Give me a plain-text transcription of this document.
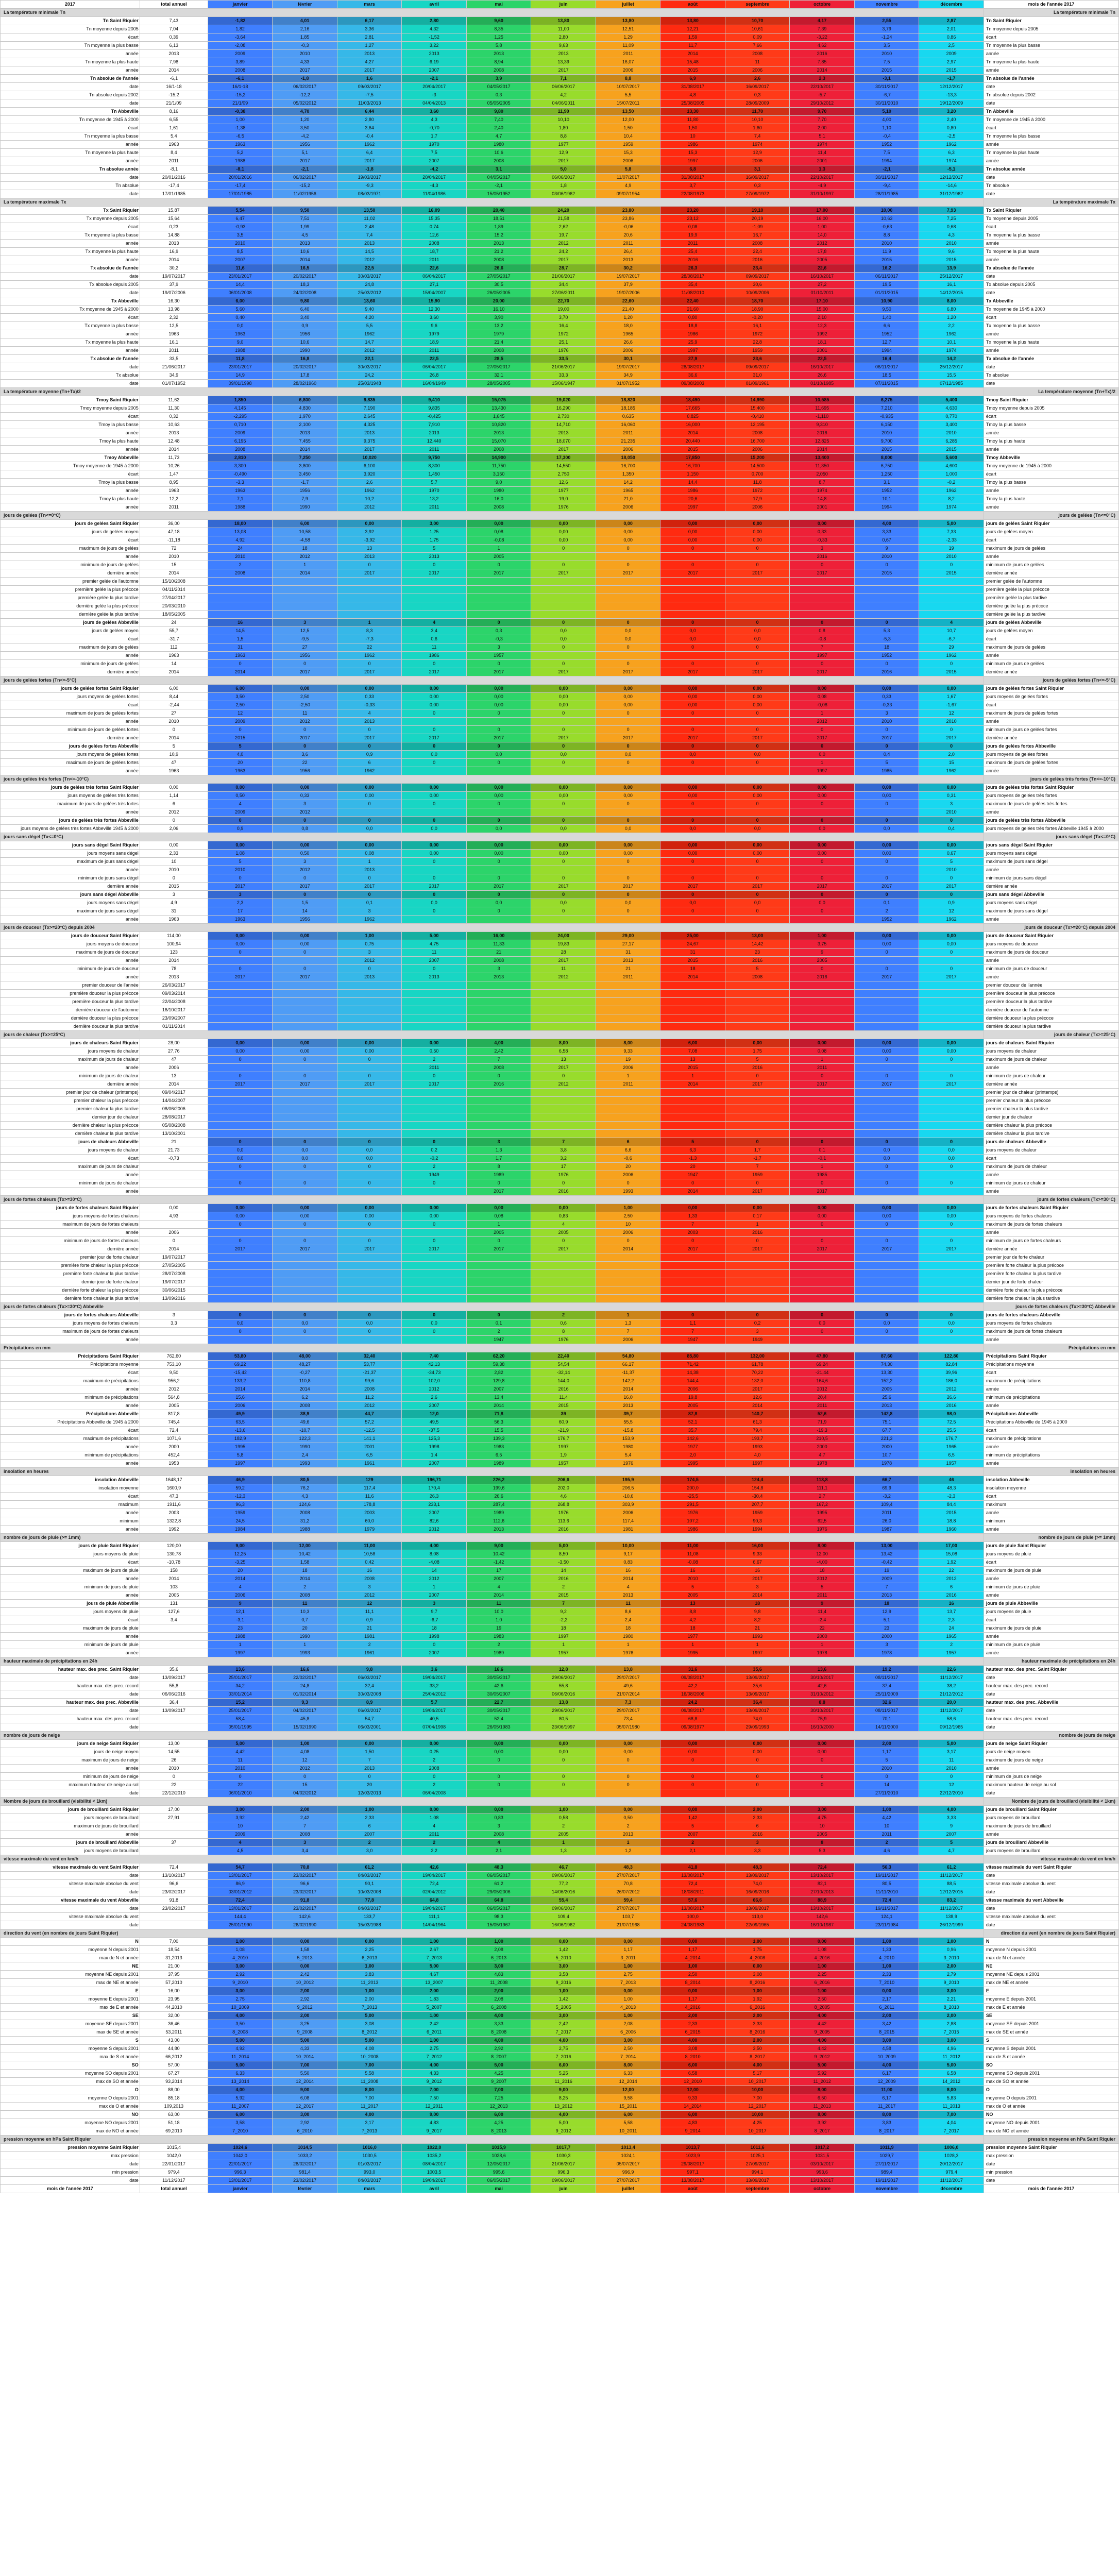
2017	total annuel	janvier	février	mars	avril	mai	juin	juillet	août	septembre	octobre	novembre	décembre	mois de l'année 2017
La température minimale Tn														La température minimale Tn
Tn Saint Riquier	7,43	-1,82	4,01	6,17	2,80	9,60	13,80	13,80	13,80	10,70	4,17	2,55	2,87	Tn Saint Riquier
Tn moyenne depuis 2005	7,04	1,82	2,16	3,36	4,32	8,35	11,00	12,51	12,21	10,61	7,39	3,79	2,01	Tn moyenne depuis 2005
écart	0,39	-3,64	1,85	2,81	-1,52	1,25	2,80	1,29	1,59	0,09	-3,22	-1,24	0,86	écart
Tn moyenne la plus basse	6,13	-2,08	-0,3	1,27	3,22	5,8	9,63	11,09	11,7	7,66	4,62	3,5	2,5	Tn moyenne la plus basse
année	2013	2009	2010	2013	2013	2013	2013	2011	2014	2008	2016	2010	2009	année
Tn moyenne la plus haute	7,98	3,89	4,33	4,27	6,19	8,94	13,39	16,07	15,48	11	7,85	7,5	2,97	Tn moyenne la plus haute
année	2014	2008	2017	2017	2007	2008	2017	2006	2015	2006	2014	2015	2015	année
Tn absolue de l'année	-6,1	-6,1	-1,8	1,6	-2,1	3,9	7,1	8,8	6,9	2,6	2,3	-3,1	-1,7	Tn absolue de l'année
date	16/1-18	16/1-18	06/02/2017	09/03/2017	20/04/2017	04/05/2017	06/06/2017	10/07/2017	31/08/2017	16/09/2017	22/10/2017	30/11/2017	12/12/2017	date
Tn absolue depuis 2002	-15,2	-15,2	-12,2	-7,5	-3	0,3	4,2	5,5	4,8	0,3	-5,7	-6,7	-13,3	Tn absolue depuis 2002
date	21/1/09	21/1/09	05/02/2012	11/03/2013	04/04/2013	05/05/2005	04/06/2011	15/07/2011	25/08/2005	28/09/2009	29/10/2012	30/11/2010	19/12/2009	date
Tn Abbeville	8,16	-0,38	4,70	6,44	3,60	9,80	11,90	13,50	13,30	11,70	9,70	5,10	3,20	Tn Abbeville
Tn moyenne de 1945 à 2000	6,55	1,00	1,20	2,80	4,3	7,40	10,10	12,00	11,80	10,10	7,70	4,00	2,40	Tn moyenne de 1945 à 2000
écart	1,61	-1,38	3,50	3,64	-0,70	2,40	1,80	1,50	1,50	1,60	2,00	1,10	0,80	écart
Tn moyenne la plus basse	5,4	-6,5	-4,2	-0,4	1,7	4,7	8,8	10,4	10	7,4	5,1	-0,4	-2,5	Tn moyenne la plus basse
année	1963	1963	1956	1962	1970	1980	1977	1959	1986	1974	1974	1952	1962	année
Tn moyenne la plus haute	8,4	5,2	5,1	6,4	7,5	10,6	12,9	15,3	15,3	12,9	11,4	7,5	6,3	Tn moyenne la plus haute
année	2011	1988	2017	2017	2007	2008	2017	2006	1997	2006	2001	1994	1974	année
Tn absolue année	-8,1	-8,1	-2,1	-1,8	-4,2	3,1	5,0	5,8	6,8	3,1	1,3	-2,1	-5,1	Tn absolue année
date	20/01/2016	20/01/2016	06/02/2017	19/03/2017	20/04/2017	04/05/2017	06/06/2017	11/07/2017	31/08/2017	16/09/2017	22/10/2017	30/11/2017	12/12/2017	date
Tn absolue	-17,4	-17,4	-15,2	-9,3	-4,3	-2,1	1,8	4,9	3,7	0,3	-4,9	-9,4	-14,6	Tn absolue
date	17/01/1985	17/01/1985	11/02/1956	08/03/1971	11/04/1986	15/05/1952	03/06/1962	09/07/1954	22/08/1973	27/09/1972	31/10/1997	28/11/1985	31/12/1962	date
La température maximale Tx														La température maximale Tx
Tx Saint Riquier	15,87	5,54	9,50	13,50	16,09	20,40	24,20	23,80	23,20	19,10	17,00	10,00	7,93	Tx Saint Riquier
Tx moyenne depuis 2005	15,64	6,47	7,51	11,02	15,35	18,51	21,58	23,86	23,12	20,19	16,00	10,63	7,25	Tx moyenne depuis 2005
écart	0,23	-0,93	1,99	2,48	0,74	1,89	2,62	-0,06	0,08	-1,09	1,00	-0,63	0,68	écart
Tx moyenne la plus basse	14,88	3,5	4,5	7,4	12,6	15,2	19,7	20,6	19,9	16,7	14,0	8,8	4,3	Tx moyenne la plus basse
année	2013	2010	2013	2013	2008	2013	2012	2011	2011	2008	2012	2010	2010	année
Tx moyenne la plus haute	16,9	8,5	10,6	14,5	18,7	21,2	24,2	26,4	25,4	22,4	17,8	11,9	9,6	Tx moyenne la plus haute
année	2014	2007	2014	2012	2011	2008	2017	2013	2016	2016	2005	2015	2015	année
Tx absolue de l'année	30,2	11,6	16,5	22,5	22,6	26,6	28,7	30,2	26,3	23,4	22,6	16,2	13,9	Tx absolue de l'année
date	19/07/2017	23/01/2017	20/02/2017	30/03/2017	06/04/2017	27/05/2017	21/06/2017	19/07/2017	28/08/2017	09/09/2017	16/10/2017	06/11/2017	25/12/2017	date
Tx absolue depuis 2005	37,9	14,4	18,3	24,8	27,1	30,5	34,4	37,9	35,4	30,6	27,2	19,5	16,1	Tx absolue depuis 2005
date	19/07/2006	06/01/2008	24/02/2008	25/03/2012	15/04/2007	26/05/2005	27/06/2011	19/07/2006	11/08/2010	10/09/2006	01/10/2011	01/11/2015	14/12/2015	date
Tx Abbeville	16,30	6,00	9,80	13,60	15,90	20,00	22,70	22,60	22,40	18,70	17,10	10,90	8,00	Tx Abbeville
Tx moyenne de 1945 à 2000	13,98	5,60	6,40	9,40	12,30	16,10	19,00	21,40	21,60	18,90	15,00	9,50	6,80	Tx moyenne de 1945 à 2000
écart	2,32	0,40	3,40	4,20	3,60	3,90	3,70	1,20	0,80	-0,20	2,10	1,40	1,20	écart
Tx moyenne la plus basse	12,5	0,0	0,9	5,5	9,6	13,2	16,4	18,0	18,8	16,1	12,3	6,6	2,2	Tx moyenne la plus basse
année	1963	1963	1956	1962	1979	1979	1972	1965	1986	1972	1992	1952	1962	année
Tx moyenne la plus haute	16,1	9,0	10,6	14,7	18,9	21,4	25,1	26,6	25,9	22,8	18,1	12,7	10,1	Tx moyenne la plus haute
année	2011	1988	1990	2012	2011	2008	1976	2006	1997	1959	2001	1994	1974	année
Tx absolue de l'année	33,5	11,8	16,8	22,1	22,5	28,5	33,5	30,1	27,9	23,6	22,5	16,4	14,2	Tx absolue de l'année
date	21/06/2017	23/01/2017	20/02/2017	30/03/2017	06/04/2017	27/05/2017	21/06/2017	19/07/2017	28/08/2017	09/09/2017	16/10/2017	06/11/2017	25/12/2017	date
Tx absolue	34,9	14,9	17,8	24,2	26,8	32,1	33,3	34,9	36,6	31,0	26,6	18,5	15,5	Tx absolue
date	01/07/1952	09/01/1998	28/02/1960	25/03/1948	16/04/1949	28/05/2005	15/06/1947	01/07/1952	09/08/2003	01/09/1961	01/10/1985	07/11/2015	07/12/1985	date
La température moyenne (Tn+Tx)/2														La température moyenne (Tn+Tx)/2
Tmoy Saint Riquier	11,62	1,850	6,800	9,835	9,410	15,075	19,020	18,820	18,490	14,990	10,585	6,275	5,400	Tmoy Saint Riquier
Tmoy moyenne depuis 2005	11,30	4,145	4,830	7,190	9,835	13,430	16,290	18,185	17,665	15,400	11,695	7,210	4,630	Tmoy moyenne depuis 2005
écart	0,32	-2,295	1,970	2,645	-0,425	1,645	2,730	0,635	0,825	-0,410	-1,110	-0,935	0,770	écart
Tmoy la plus basse	10,63	0,710	2,100	4,325	7,910	10,820	14,710	16,060	16,000	12,195	9,310	6,150	3,400	Tmoy la plus basse
année	2013	2009	2013	2013	2013	2013	2013	2011	2014	2008	2016	2010	2010	année
Tmoy la plus haute	12,48	6,195	7,455	9,375	12,440	15,070	18,070	21,235	20,440	16,700	12,825	9,700	6,285	Tmoy la plus haute
année	2014	2008	2014	2017	2011	2008	2017	2006	2015	2006	2014	2015	2015	année
Tmoy Abbeville	11,73	2,810	7,250	10,020	9,750	14,900	17,300	18,050	17,850	15,200	13,400	8,000	5,600	Tmoy Abbeville
Tmoy moyenne de 1945 à 2000	10,26	3,300	3,800	6,100	8,300	11,750	14,550	16,700	16,700	14,500	11,350	6,750	4,600	Tmoy moyenne de 1945 à 2000
écart	1,47	-0,490	3,450	3,920	1,450	3,150	2,750	1,350	1,150	0,700	2,050	1,250	1,000	écart
Tmoy la plus basse	8,95	-3,3	-1,7	2,6	5,7	9,0	12,6	14,2	14,4	11,8	8,7	3,1	-0,2	Tmoy la plus basse
année	1963	1963	1956	1962	1970	1980	1977	1965	1986	1972	1974	1952	1962	année
Tmoy la plus haute	12,2	7,1	7,9	10,2	13,2	16,0	19,0	21,0	20,6	17,9	14,8	10,1	8,2	Tmoy la plus haute
année	2011	1988	1990	2012	2011	2008	1976	2006	1997	2006	2001	1994	1974	année
jours de gelées (Tn<=0°C)														jours de gelées (Tn<=0°C)
jours de gelées Saint Riquier	36,00	18,00	6,00	0,00	3,00	0,00	0,00	0,00	0,00	0,00	0,00	4,00	5,00	jours de gelées Saint Riquier
jours de gelées moyen	47,18	13,08	10,58	3,92	1,25	0,08	0,00	0,00	0,00	0,00	0,33	3,33	7,33	jours de gelées moyen
écart	-11,18	4,92	-4,58	-3,92	1,75	-0,08	0,00	0,00	0,00	0,00	-0,33	0,67	-2,33	écart
maximum de jours de gelées	72	24	18	13	5	1	0	0	0	0	3	9	19	maximum de jours de gelées
année	2010	2010	2012	2013	2013	2005					2016	2010	2010	année
minimum de jours de gelées	15	2	1	0	0	0	0	0	0	0	0	0	0	minimum de jours de gelées
dernière année	2014	2008	2014	2017	2017	2017	2017	2017	2017	2017	2017	2015	2015	dernière année
premier gelée de l'automne	15/10/2008													premier gelée de l'automne
première gelée la plus précoce	04/11/2014													première gelée la plus précoce
première gelée la plus tardive	27/04/2017													première gelée la plus tardive
dernière gelée la plus précoce	20/03/2010													dernière gelée la plus précoce
dernière gelée la plus tardive	18/05/2005													dernière gelée la plus tardive
jours de gelées Abbeville	24	16	3	1	4	0	0	0	0	0	0	0	4	jours de gelées Abbeville
jours de gelées moyen	55,7	14,5	12,5	8,3	3,4	0,3	0,0	0,0	0,0	0,0	0,8	5,3	10,7	jours de gelées moyen
écart	-31,7	1,5	-9,5	-7,3	0,6	-0,3	0,0	0,0	0,0	0,0	-0,8	-5,3	-6,7	écart
maximum de jours de gelées	112	31	27	22	11	3	0	0	0	0	7	18	29	maximum de jours de gelées
année	1963	1963	1956	1962	1986	1957					1997	1952	1962	année
minimum de jours de gelées	14	0	0	0	0	0	0	0	0	0	0	0	0	minimum de jours de gelées
dernière année	2014	2014	2017	2017	2017	2017	2017	2017	2017	2017	2017	2016	2015	dernière année
jours de gelées fortes (Tn<=-5°C)														jours de gelées fortes (Tn<=-5°C)
jours de gelées fortes Saint Riquier	6,00	6,00	0,00	0,00	0,00	0,00	0,00	0,00	0,00	0,00	0,00	0,00	0,00	jours de gelées fortes Saint Riquier
jours moyens de gelées fortes	8,44	3,50	2,50	0,33	0,00	0,00	0,00	0,00	0,00	0,00	0,08	0,33	1,67	jours moyens de gelées fortes
écart	-2,44	2,50	-2,50	-0,33	0,00	0,00	0,00	0,00	0,00	0,00	-0,08	-0,33	-1,67	écart
maximum de jours de gelées fortes	27	12	11	4	0	0	0	0	0	0	1	3	12	maximum de jours de gelées fortes
année	2010	2009	2012	2013							2012	2010	2010	année
minimum de jours de gelées fortes	0	0	0	0	0	0	0	0	0	0	0	0	0	minimum de jours de gelées fortes
dernière année	2014	2015	2017	2017	2017	2017	2017	2017	2017	2017	2017	2017	2017	dernière année
jours de gelées fortes Abbeville	5	5	0	0	0	0	0	0	0	0	0	0	0	jours de gelées fortes Abbeville
jours moyens de gelées fortes	10,9	4,0	3,6	0,9	0,0	0,0	0,0	0,0	0,0	0,0	0,0	0,4	2,0	jours moyens de gelées fortes
maximum de jours de gelées fortes	47	20	22	6	0	0	0	0	0	0	1	5	15	maximum de jours de gelées fortes
année	1963	1963	1956	1962							1997	1985	1962	année
jours de gelées très fortes (Tn<=-10°C)														jours de gelées très fortes (Tn<=-10°C)
jours de gelées très fortes Saint Riquier	0,00	0,00	0,00	0,00	0,00	0,00	0,00	0,00	0,00	0,00	0,00	0,00	0,00	jours de gelées très fortes Saint Riquier
jours moyens de gelées très fortes	1,14	0,50	0,33	0,00	0,00	0,00	0,00	0,00	0,00	0,00	0,00	0,00	0,31	jours moyens de gelées très fortes
maximum de jours de gelées très fortes	6	4	3	0	0	0	0	0	0	0	0	0	3	maximum de jours de gelées très fortes
année	2012	2009	2012										2010	année
jours de gelées très fortes Abbeville	0	0	0	0	0	0	0	0	0	0	0	0	0	jours de gelées très fortes Abbeville
jours moyens de gelées très fortes Abbeville 1945 à 2000	2,06	0,9	0,8	0,0	0,0	0,0	0,0	0,0	0,0	0,0	0,0	0,0	0,4	jours moyens de gelées très fortes Abbeville 1945 à 2000
jours sans dégel (Tx<=0°C)														jours sans dégel (Tx<=0°C)
jours sans dégel Saint Riquier	0,00	0,00	0,00	0,00	0,00	0,00	0,00	0,00	0,00	0,00	0,00	0,00	0,00	jours sans dégel Saint Riquier
jours moyens sans dégel	2,33	1,08	0,50	0,08	0,00	0,00	0,00	0,00	0,00	0,00	0,00	0,00	0,67	jours moyens sans dégel
maximum de jours sans dégel	10	5	3	1	0	0	0	0	0	0	0	0	5	maximum de jours sans dégel
année	2010	2010	2012	2013									2010	année
minimum de jours sans dégel	0	0	0	0	0	0	0	0	0	0	0	0	0	minimum de jours sans dégel
dernière année	2015	2017	2017	2017	2017	2017	2017	2017	2017	2017	2017	2017	2017	dernière année
jours sans dégel Abbeville	3	3	0	0	0	0	0	0	0	0	0	0	0	jours sans dégel Abbeville
jours moyens sans dégel	4,9	2,3	1,5	0,1	0,0	0,0	0,0	0,0	0,0	0,0	0,0	0,1	0,9	jours moyens sans dégel
maximum de jours sans dégel	31	17	14	3	0	0	0	0	0	0	0	2	12	maximum de jours sans dégel
année	1963	1963	1956	1962								1952	1962	année
jours de douceur (Tx>=20°C) depuis 2004														jours de douceur (Tx>=20°C) depuis 2004
jours de douceur Saint Riquier	114,00	0,00	0,00	1,00	5,00	16,00	24,00	29,00	25,00	13,00	1,00	0,00	0,00	jours de douceur Saint Riquier
jours moyens de douceur	100,94	0,00	0,00	0,75	4,75	11,33	19,83	27,17	24,67	14,42	3,75	0,00	0,00	jours moyens de douceur
maximum de jours de douceur	123	0	0	3	11	21	28	31	31	23	9	0	0	maximum de jours de douceur
année	2014			2012	2007	2008	2017	2013	2015	2016	2005			année
minimum de jours de douceur	78	0	0	0	0	3	11	21	18	5	0	0	0	minimum de jours de douceur
année	2013	2017	2017	2013	2013	2013	2012	2011	2014	2008	2016	2017	2017	année
premier douceur de l'année	26/03/2017													premier douceur de l'année
première douceur la plus précoce	09/03/2014													première douceur la plus précoce
première douceur la plus tardive	22/04/2008													première douceur la plus tardive
dernière douceur de l'automne	16/10/2017													dernière douceur de l'automne
dernière douceur la plus précoce	23/09/2007													dernière douceur la plus précoce
dernière douceur la plus tardive	01/11/2014													dernière douceur la plus tardive
jours de chaleur (Tx>=25°C)														jours de chaleur (Tx>=25°C)
jours de chaleurs Saint Riquier	28,00	0,00	0,00	0,00	0,00	4,00	8,00	8,00	6,00	0,00	0,00	0,00	0,00	jours de chaleurs Saint Riquier
jours moyens de chaleur	27,76	0,00	0,00	0,00	0,50	2,42	6,58	9,33	7,08	1,75	0,08	0,00	0,00	jours moyens de chaleur
maximum de jours de chaleur	47	0	0	0	2	7	13	19	13	5	1	0	0	maximum de jours de chaleur
année	2006				2011	2008	2017	2006	2015	2016	2011			année
minimum de jours de chaleur	13	0	0	0	0	0	0	1	1	0	0	0	0	minimum de jours de chaleur
dernière année	2014	2017	2017	2017	2017	2016	2012	2011	2014	2017	2017	2017	2017	dernière année
premier jour de chaleur (printemps)	09/04/2017													premier jour de chaleur (printemps)
premier chaleur la plus précoce	14/04/2007													premier chaleur la plus précoce
premier chaleur la plus tardive	08/06/2006													premier chaleur la plus tardive
dernier jour de chaleur	28/08/2017													dernier jour de chaleur
dernière chaleur la plus précoce	05/08/2008													dernière chaleur la plus précoce
dernière chaleur la plus tardive	13/10/2001													dernière chaleur la plus tardive
jours de chaleurs Abbeville	21	0	0	0	0	3	7	6	5	0	0	0	0	jours de chaleurs Abbeville
jours moyens de chaleur	21,73	0,0	0,0	0,0	0,2	1,3	3,8	6,6	6,3	1,7	0,1	0,0	0,0	jours moyens de chaleur
écart	-0,73	0,0	0,0	0,0	-0,2	1,7	3,2	-0,6	-1,3	-1,7	-0,1	0,0	0,0	écart
maximum de jours de chaleur		0	0	0	2	8	17	20	20	7	1	0	0	maximum de jours de chaleur
année					1949	1989	1976	2006	1947	1959	1985			année
minimum de jours de chaleur		0	0	0	0	0	0	0	0	0	0	0	0	minimum de jours de chaleur
année						2017	2016	1993	2014	2017	2017			année
jours de fortes chaleurs (Tx>=30°C)														jours de fortes chaleurs (Tx>=30°C)
jours de fortes chaleurs Saint Riquier	0,00	0,00	0,00	0,00	0,00	0,00	0,00	1,00	0,00	0,00	0,00	0,00	0,00	jours de fortes chaleurs Saint Riquier
jours moyens de fortes chaleurs	4,93	0,00	0,00	0,00	0,00	0,08	0,83	2,50	1,33	0,17	0,00	0,00	0,00	jours moyens de fortes chaleurs
maximum de jours de fortes chaleurs		0	0	0	0	1	4	10	7	1	0	0	0	maximum de jours de fortes chaleurs
année	2006					2005	2005	2006	2003	2016				année
minimum de jours de fortes chaleurs	0	0	0	0	0	0	0	0	0	0	0	0	0	minimum de jours de fortes chaleurs
dernière année	2014	2017	2017	2017	2017	2017	2017	2014	2017	2017	2017	2017	2017	dernière année
premier jour de forte chaleur	19/07/2017													premier jour de forte chaleur
première forte chaleur la plus précoce	27/05/2005													première forte chaleur la plus précoce
première forte chaleur la plus tardive	28/07/2008													première forte chaleur la plus tardive
dernier jour de forte chaleur	19/07/2017													dernier jour de forte chaleur
dernière forte chaleur la plus précoce	30/06/2015													dernière forte chaleur la plus précoce
dernière forte chaleur la plus tardive	13/09/2016													dernière forte chaleur la plus tardive
jours de fortes chaleurs (Tx>=30°C) Abbeville														jours de fortes chaleurs (Tx>=30°C) Abbeville
jours de fortes chaleurs Abbeville	3	0	0	0	0	0	2	1	0	0	0	0	0	jours de fortes chaleurs Abbeville
jours moyens de fortes chaleurs	3,3	0,0	0,0	0,0	0,0	0,1	0,6	1,3	1,1	0,2	0,0	0,0	0,0	jours moyens de fortes chaleurs
maximum de jours de fortes chaleurs		0	0	0	0	2	8	7	7	3	0	0	0	maximum de jours de fortes chaleurs
année						1947	1976	2006	1947	1949				année
Précipitations en mm														Précipitations en mm
Précipitations Saint Riquier	762,60	53,80	48,00	32,40	7,40	62,20	22,40	54,80	85,80	132,00	47,80	87,60	122,80	Précipitations Saint Riquier
Précipitations moyenne	753,10	69,22	48,27	53,77	42,13	59,38	54,54	66,17	71,42	61,78	69,24	74,30	82,84	Précipitations moyenne
écart	9,50	-15,42	-0,27	-21,37	-34,73	2,82	-32,14	-11,37	14,38	70,22	-21,44	13,30	39,96	écart
maximum de précipitations	956,2	133,2	110,8	99,6	102,0	129,8	144,0	142,2	144,4	132,0	164,6	152,2	186,0	maximum de précipitations
année	2012	2014	2014	2008	2012	2007	2016	2014	2006	2017	2012	2005	2012	année
minimum de précipitations	564,8	15,6	6,2	11,2	2,6	13,4	11,4	16,0	19,8	12,6	20,4	25,6	26,6	minimum de précipitations
année	2005	2006	2008	2012	2007	2014	2015	2013	2005	2014	2011	2013	2016	année
Précipitations Abbeville	817,8	49,9	38,9	44,7	12,0	71,8	39	39,7	87,8	140,7	52,6	142,8	98,0	Précipitations Abbeville
Précipitations Abbeville de 1945 à 2000	745,4	63,5	49,6	57,2	49,5	56,3	60,9	55,5	52,1	61,3	71,9	75,1	72,5	Précipitations Abbeville de 1945 à 2000
écart	72,4	-13,6	-10,7	-12,5	-37,5	15,5	-21,9	-15,8	35,7	79,4	-19,3	67,7	25,5	écart
maximum de précipitations	1071,6	182,9	122,3	141,1	125,3	139,3	176,7	153,9	142,6	193,7	210,5	221,3	176,7	maximum de précipitations
année	2000	1995	1990	2001	1998	1983	1997	1980	1977	1993	2000	2000	1965	année
minimum de précipitations	452,4	5,8	2,4	6,5	1,4	6,5	1,9	5,4	2,0	4,0	4,7	10,7	6,5	minimum de précipitations
année	1953	1997	1993	1961	2007	1989	1957	1976	1995	1997	1978	1978	1957	année
insolation en heures														insolation en heures
insolation Abbeville	1648,17	46,9	80,5	129	196,71	226,2	206,6	195,9	174,5	124,4	113,8	66,7	46	insolation Abbeville
insolation moyenne	1600,9	59,2	76,2	117,4	170,4	199,6	202,0	206,5	200,0	154,8	111,1	69,9	48,3	insolation moyenne
écart	47,3	-12,3	4,3	11,6	26,3	26,6	4,6	-10,6	-25,5	-30,4	2,7	-3,2	-2,3	écart
maximum	1911,6	96,3	124,6	178,8	233,1	287,4	268,8	303,9	291,5	207,7	167,2	109,4	84,4	maximum
année	2003	1959	2008	2003	2007	1989	1976	2006	1976	1959	1995	2011	2015	année
minimum	1322,8	24,5	31,2	60,0	82,6	112,6	113,6	117,4	107,2	90,3	62,5	26,0	18,8	minimum
année	1992	1984	1988	1979	2012	2013	2016	1981	1986	1994	1976	1987	1960	année
nombre de jours de pluie (>= 1mm)														nombre de jours de pluie (>= 1mm)
jours de pluie Saint Riquier	120,00	9,00	12,00	11,00	4,00	9,00	5,00	10,00	11,00	16,00	8,00	13,00	17,00	jours de pluie Saint Riquier
jours moyens de pluie	130,78	12,25	10,42	10,58	8,08	10,42	8,50	9,17	11,08	9,33	12,00	13,42	15,08	jours moyens de pluie
écart	-10,78	-3,25	1,58	0,42	-4,08	-1,42	-3,50	0,83	-0,08	6,67	-4,00	-0,42	1,92	écart
maximum de jours de pluie	158	20	18	16	14	17	14	16	16	16	18	19	22	maximum de jours de pluie
année	2014	2014	2014	2008	2012	2007	2016	2014	2010	2017	2012	2009	2012	année
minimum de jours de pluie	103	4	2	3	1	4	2	4	5	3	5	7	6	minimum de jours de pluie
année	2005	2006	2008	2012	2007	2014	2015	2013	2005	2014	2011	2013	2016	année
jours de pluie Abbeville	131	9	11	12	3	11	7	11	13	18	9	18	16	jours de pluie Abbeville
jours moyens de pluie	127,6	12,1	10,3	11,1	9,7	10,0	9,2	8,6	8,8	9,8	11,4	12,9	13,7	jours moyens de pluie
écart	3,4	-3,1	0,7	0,9	-6,7	1,0	-2,2	2,4	4,2	8,2	-2,4	5,1	2,3	écart
maximum de jours de pluie		23	20	21	18	19	18	18	18	21	22	23	24	maximum de jours de pluie
année		1988	1990	1981	1998	1983	1997	1980	1977	1993	2000	2000	1965	année
minimum de jours de pluie		1	1	2	0	2	1	1	1	1	1	3	2	minimum de jours de pluie
année		1997	1993	1961	2007	1989	1957	1976	1995	1997	1978	1978	1957	année
hauteur maximale de précipitations en 24h														hauteur maximale de précipitations en 24h
hauteur max. des prec. Saint Riquier	35,6	13,6	16,6	9,8	3,6	16,6	12,8	13,8	31,6	35,6	13,6	19,2	22,6	hauteur max. des prec. Saint Riquier
date	13/09/2017	25/01/2017	22/02/2017	06/03/2017	19/04/2017	30/05/2017	29/06/2017	29/07/2017	09/08/2017	13/09/2017	30/10/2017	08/11/2017	11/12/2017	date
hauteur max. des prec. record	55,8	34,2	24,8	32,4	33,2	42,6	55,8	49,6	42,2	35,6	42,6	37,4	38,2	hauteur max. des prec. record
date	06/06/2016	03/01/2014	01/02/2014	30/03/2008	25/04/2012	30/05/2007	06/06/2016	21/07/2014	16/08/2006	13/09/2017	31/10/2012	25/11/2009	21/12/2012	date
hauteur max. des prec. Abbeville	36,4	15,2	9,3	8,9	5,7	22,7	13,8	7,3	24,2	36,4	8,8	32,6	20,0	hauteur max. des prec. Abbeville
date	13/09/2017	25/01/2017	04/02/2017	06/03/2017	19/04/2017	30/05/2017	29/06/2017	29/07/2017	09/08/2017	13/09/2017	30/10/2017	08/11/2017	11/12/2017	date
hauteur max. des prec. record		58,4	45,8	54,7	40,5	52,4	80,5	73,4	68,8	74,0	75,9	70,1	58,6	hauteur max. des prec. record
date		05/01/1995	15/02/1990	06/03/2001	07/04/1998	26/05/1983	23/06/1997	05/07/1980	09/08/1977	29/09/1993	16/10/2000	14/11/2000	09/12/1965	date
nombre de jours de neige														nombre de jours de neige
jours de neige Saint Riquier	13,00	5,00	1,00	0,00	0,00	0,00	0,00	0,00	0,00	0,00	0,00	2,00	5,00	jours de neige Saint Riquier
jours de neige moyen	14,55	4,42	4,08	1,50	0,25	0,00	0,00	0,00	0,00	0,00	0,00	1,17	3,17	jours de neige moyen
maximum de jours de neige	26	11	12	7	2	0	0	0	0	0	0	5	11	maximum de jours de neige
année	2010	2010	2012	2013	2008							2010	2010	année
minimum de jours de neige	0	0	0	0	0	0	0	0	0	0	0	0	0	minimum de jours de neige
maximum hauteur de neige au sol	22	22	15	20	2	0	0	0	0	0	0	14	12	maximum hauteur de neige au sol
date	22/12/2010	06/01/2010	04/02/2012	12/03/2013	06/04/2008							27/11/2010	22/12/2010	date
Nombre de jours de brouillard (visibilité < 1km)														Nombre de jours de brouillard (visibilité < 1km)
jours de brouillard Saint Riquier	17,00	3,00	2,00	1,00	0,00	0,00	1,00	0,00	0,00	2,00	3,00	1,00	4,00	jours de brouillard Saint Riquier
jours moyens de brouillard	27,91	3,92	2,42	2,33	1,08	0,83	0,58	0,50	1,42	2,33	4,75	4,42	3,33	jours moyens de brouillard
maximum de jours de brouillard		10	7	6	4	3	2	2	5	6	10	10	9	maximum de jours de brouillard
année		2009	2008	2007	2011	2008	2005	2013	2007	2016	2005	2011	2007	année
jours de brouillard Abbeville	37	4	3	2	2	4	1	1	2	3	8	2	5	jours de brouillard Abbeville
jours moyens de brouillard		4,5	3,4	3,0	2,2	2,1	1,3	1,2	2,1	3,3	5,3	4,6	4,7	jours moyens de brouillard
vitesse maximale du vent en km/h														vitesse maximale du vent en km/h
vitesse maximale du vent Saint Riquier	72,4	54,7	70,8	61,2	42,6	48,3	46,7	48,3	41,8	48,3	72,4	56,3	61,2	vitesse maximale du vent Saint Riquier
date	13/10/2017	13/01/2017	23/02/2017	04/03/2017	19/04/2017	06/05/2017	09/06/2017	27/07/2017	13/08/2017	13/09/2017	13/10/2017	19/11/2017	11/12/2017	date
vitesse maximale absolue du vent	96,6	86,9	96,6	90,1	72,4	61,2	77,2	70,8	72,4	74,0	82,1	80,5	88,5	vitesse maximale absolue du vent
date	23/02/2017	03/01/2012	23/02/2017	10/03/2008	02/04/2012	29/05/2006	14/06/2016	26/07/2012	18/08/2011	16/09/2016	27/10/2013	11/11/2010	12/12/2015	date
vitesse maximale du vent Abbeville	91,8	72,4	91,8	77,8	64,8	64,8	55,4	59,4	57,6	66,6	88,9	72,4	83,2	vitesse maximale du vent Abbeville
date	23/02/2017	13/01/2017	23/02/2017	04/03/2017	19/04/2017	06/05/2017	09/06/2017	27/07/2017	13/08/2017	13/09/2017	13/10/2017	19/11/2017	11/12/2017	date
vitesse maximale absolue du vent		144,4	142,6	133,7	111,1	98,3	109,4	103,7	100,0	113,0	142,6	124,1	138,9	vitesse maximale absolue du vent
date		25/01/1990	26/02/1990	15/03/1988	14/04/1964	15/05/1967	16/06/1962	21/07/1968	24/08/1983	22/09/1965	16/10/1987	23/11/1984	26/12/1999	date
direction du vent (en nombre de jours Saint Riquier)														direction du vent (en nombre de jours Saint Riquier)
N	7,00	1,00	0,00	0,00	1,00	1,00	0,00	0,00	0,00	1,00	0,00	1,00	1,00	N
moyenne N depuis 2001	18,54	1,08	1,58	2,25	2,67	2,08	1,42	1,17	1,17	1,75	1,08	1,33	0,96	moyenne N depuis 2001
max de N et année	31,2013	4_2010	5_2013	6_2013	7_2013	6_2013	5_2010	3_2011	4_2014	4_2008	4_2016	4_2010	3_2010	max de N et année
NE	21,00	3,00	0,00	1,00	5,00	3,00	3,00	1,00	1,00	0,00	1,00	1,00	2,00	NE
moyenne NE depuis 2001	37,95	2,92	2,42	3,83	4,67	4,83	3,58	2,75	2,50	3,08	2,25	2,33	2,79	moyenne NE depuis 2001
max de NE et année	57,2010	9_2010	10_2012	11_2013	13_2007	11_2008	9_2016	7_2013	8_2014	8_2016	6_2016	7_2010	9_2010	max de NE et année
E	16,00	3,00	2,00	1,00	2,00	2,00	1,00	0,00	0,00	1,00	1,00	0,00	3,00	E
moyenne E depuis 2001	23,95	2,75	2,92	2,00	1,83	2,08	1,42	1,00	1,17	1,92	2,50	2,17	2,21	moyenne E depuis 2001
max de E et année	44,2010	10_2009	9_2012	7_2013	5_2007	6_2008	5_2005	4_2013	4_2016	6_2016	8_2005	6_2011	8_2010	max de E et année
SE	32,00	4,00	2,00	5,00	1,00	4,00	3,00	1,00	2,00	2,00	4,00	2,00	2,00	SE
moyenne SE depuis 2001	36,46	3,50	3,25	3,08	2,42	3,33	2,42	2,08	2,33	3,33	4,42	3,42	2,88	moyenne SE depuis 2001
max de SE et année	53,2011	8_2008	9_2008	8_2012	6_2011	8_2008	7_2017	6_2006	6_2015	8_2016	9_2005	8_2015	7_2015	max de SE et année
S	43,00	5,00	5,00	5,00	1,00	4,00	4,00	3,00	4,00	2,00	4,00	3,00	3,00	S
moyenne S depuis 2001	44,80	4,92	4,33	4,08	2,75	2,92	2,75	2,50	3,08	3,50	4,42	4,58	4,96	moyenne S depuis 2001
max de S et année	66,2012	11_2014	10_2014	10_2008	7_2012	8_2007	7_2016	7_2014	8_2010	8_2017	9_2012	10_2009	11_2012	max de S et année
SO	57,00	5,00	7,00	7,00	4,00	5,00	6,00	8,00	6,00	4,00	5,00	4,00	5,00	SO
moyenne SO depuis 2001	67,27	6,33	5,50	5,58	4,33	4,25	5,25	6,33	6,58	5,17	5,92	6,17	6,58	moyenne SO depuis 2001
max de SO et année	93,2014	13_2014	12_2014	11_2008	9_2012	9_2007	11_2016	12_2014	12_2010	10_2017	11_2012	12_2009	14_2012	max de SO et année
O	88,00	4,00	9,00	8,00	7,00	7,00	9,00	12,00	12,00	10,00	8,00	11,00	8,00	O
moyenne O depuis 2001	85,18	5,92	6,08	7,00	7,50	7,25	8,25	9,58	9,33	7,00	6,50	6,17	5,83	moyenne O depuis 2001
max de O et année	109,2013	11_2007	12_2017	11_2017	12_2011	12_2013	13_2012	15_2011	14_2014	12_2017	11_2013	11_2017	11_2013	max de O et année
NO	63,00	6,00	3,00	4,00	9,00	6,00	4,00	6,00	6,00	10,00	8,00	8,00	7,00	NO
moyenne NO depuis 2001	51,18	3,58	2,92	3,17	4,83	4,25	5,00	5,58	4,83	4,25	3,92	3,83	4,04	moyenne NO depuis 2001
max de NO et année	69,2010	7_2010	6_2010	7_2013	9_2017	8_2013	9_2012	10_2011	9_2014	10_2017	8_2017	8_2017	7_2017	max de NO et année
pression moyenne en hPa Saint Riquier														pression moyenne en hPa Saint Riquier
pression moyenne Saint Riquier	1015,4	1024,6	1014,5	1016,0	1022,0	1015,9	1017,7	1013,4	1013,7	1011,6	1017,2	1011,9	1006,0	pression moyenne Saint Riquier
max pression	1042,0	1042,0	1033,2	1030,5	1035,2	1028,6	1030,3	1024,1	1023,9	1025,1	1031,5	1029,7	1028,3	max pression
date	22/01/2017	22/01/2017	28/02/2017	01/03/2017	08/04/2017	12/05/2017	21/06/2017	05/07/2017	29/08/2017	27/09/2017	03/10/2017	27/11/2017	20/12/2017	date
min pression	979,4	996,3	981,4	993,0	1003,5	995,6	996,3	996,9	997,1	994,1	993,6	989,4	979,4	min pression
date	11/12/2017	13/01/2017	23/02/2017	04/03/2017	19/04/2017	06/05/2017	09/06/2017	27/07/2017	13/08/2017	13/09/2017	13/10/2017	19/11/2017	11/12/2017	date
mois de l'année 2017	total annuel	janvier	février	mars	avril	mai	juin	juillet	août	septembre	octobre	novembre	décembre	mois de l'année 2017
